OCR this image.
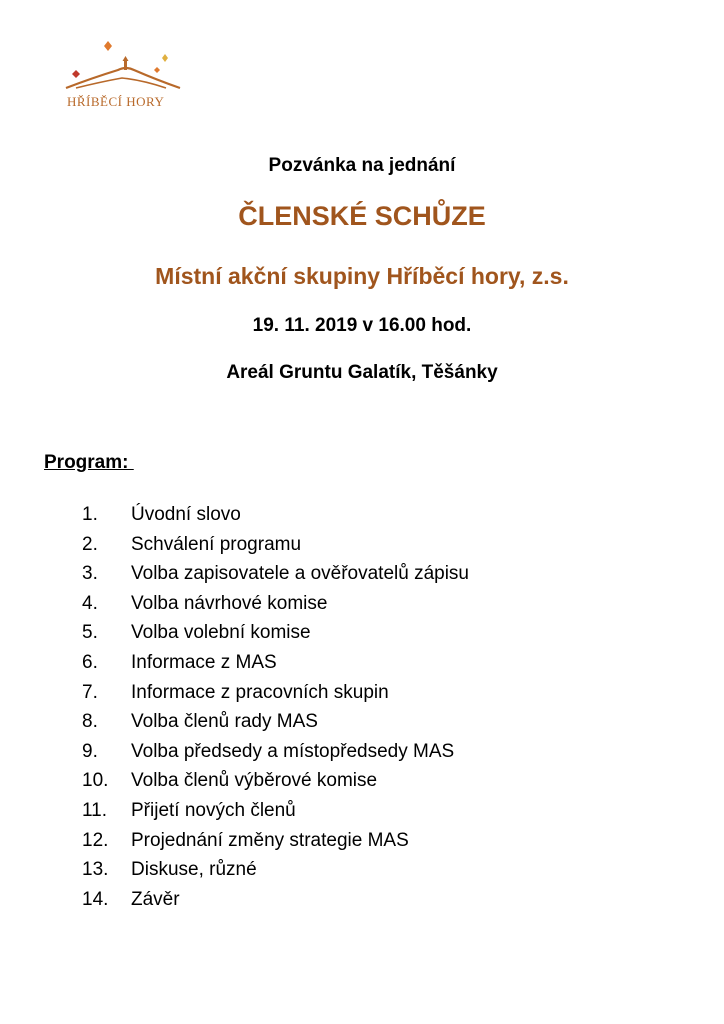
HŘÍBĚCÍ HORY
Pozvánka na jednání
ČLENSKÉ SCHŮZE
Místní akční skupiny Hříběcí hory, z.s.
19. 11. 2019 v 16.00 hod.
Areál Gruntu Galatík, Těšánky
Program:
1.	Úvodní slovo
2.	Schválení programu
3.	Volba zapisovatele a ověřovatelů zápisu
4.	Volba návrhové komise
5.	Volba volební komise
6.	Informace z MAS
7.	Informace z pracovních skupin
8.	Volba členů rady MAS
9.	Volba předsedy a místopředsedy MAS
10.	Volba členů výběrové komise
11.	Přijetí nových členů
12.	Projednání změny strategie MAS
13.	Diskuse, různé
14.	Závěr
